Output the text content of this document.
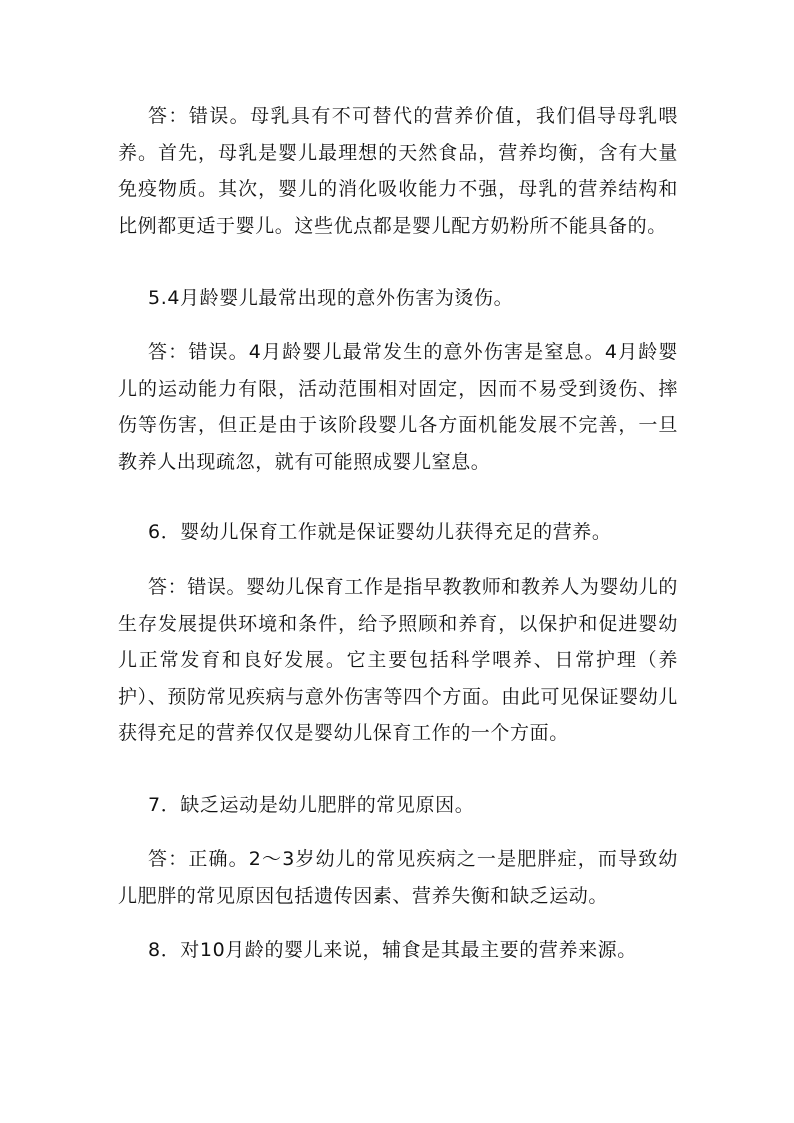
答：错误。母乳具有不可替代的营养价值，我们倡导母乳喂养。首先，母乳是婴儿最理想的天然食品，营养均衡，含有大量免疫物质。其次，婴儿的消化吸收能力不强，母乳的营养结构和比例都更适于婴儿。这些优点都是婴儿配方奶粉所不能具备的。

5.4月龄婴儿最常出现的意外伤害为烫伤。

答：错误。4月龄婴儿最常发生的意外伤害是窒息。4月龄婴儿的运动能力有限，活动范围相对固定，因而不易受到烫伤、摔伤等伤害，但正是由于该阶段婴儿各方面机能发展不完善，一旦教养人出现疏忽，就有可能照成婴儿窒息。

6．婴幼儿保育工作就是保证婴幼儿获得充足的营养。

答：错误。婴幼儿保育工作是指早教教师和教养人为婴幼儿的生存发展提供环境和条件，给予照顾和养育，以保护和促进婴幼儿正常发育和良好发展。它主要包括科学喂养、日常护理（养护）、预防常见疾病与意外伤害等四个方面。由此可见保证婴幼儿获得充足的营养仅仅是婴幼儿保育工作的一个方面。

7．缺乏运动是幼儿肥胖的常见原因。

答：正确。2～3岁幼儿的常见疾病之一是肥胖症，而导致幼儿肥胖的常见原因包括遗传因素、营养失衡和缺乏运动。

8．对10月龄的婴儿来说，辅食是其最主要的营养来源。
